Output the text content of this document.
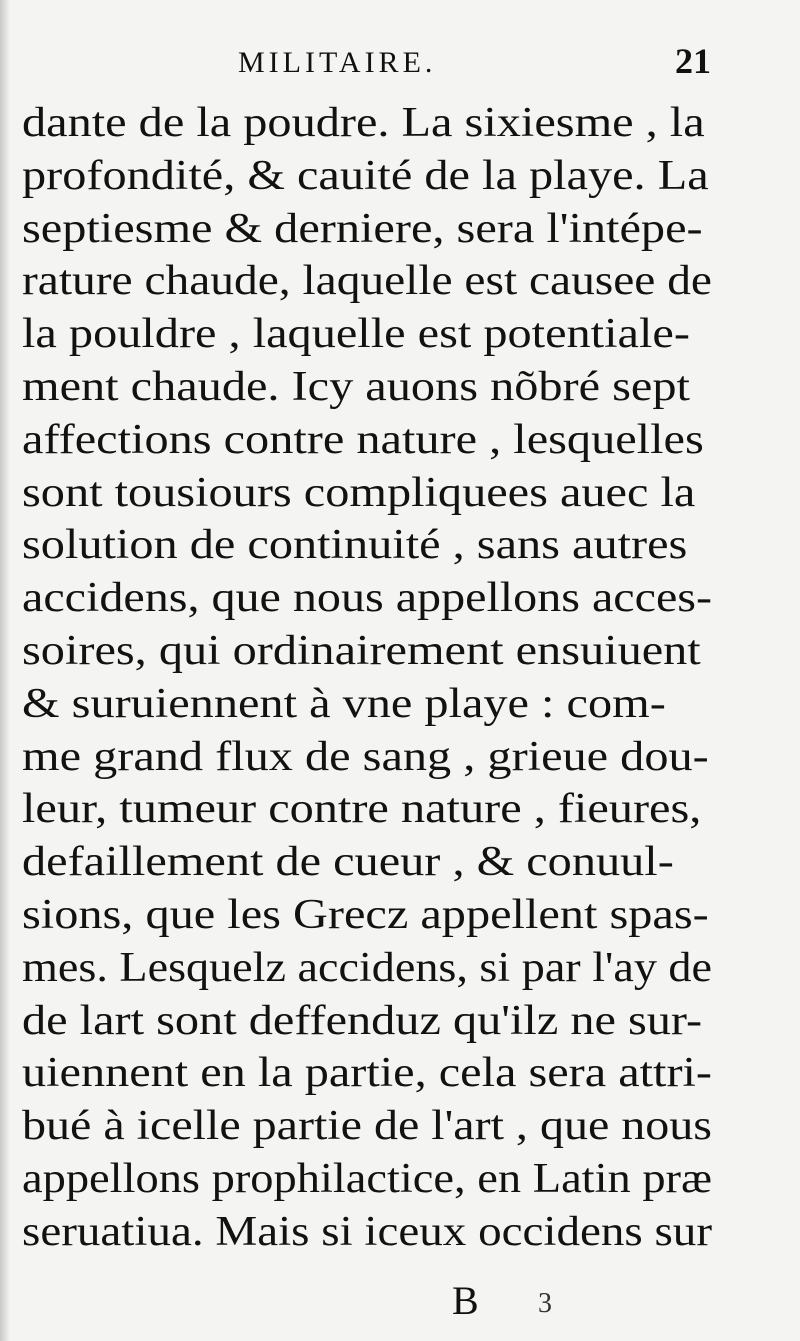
MILITAIRE.	21
dante de la poudre. La sixiesme , la
profondité, & cauité de la playe. La
septiesme & derniere, sera l'intépe-
rature chaude, laquelle est causee de
la pouldre , laquelle est potentiale-
ment chaude. Icy auons nõbré sept
affections contre nature , lesquelles
sont tousiours compliquees auec la
solution de continuité , sans autres
accidens, que nous appellons acces-
soires, qui ordinairement ensuiuent
& suruiennent à vne playe : com-
me grand flux de sang , grieue dou-
leur, tumeur contre nature , fieures,
defaillement de cueur , & conuul-
sions, que les Grecz appellent spas-
mes. Lesquelz accidens, si par l'ay de
de lart sont deffenduz qu'ilz ne sur-
uiennent en la partie, cela sera attri-
bué à icelle partie de l'art , que nous
appellons prophilactice, en Latin præ
seruatiua. Mais si iceux occidens sur
B 3
